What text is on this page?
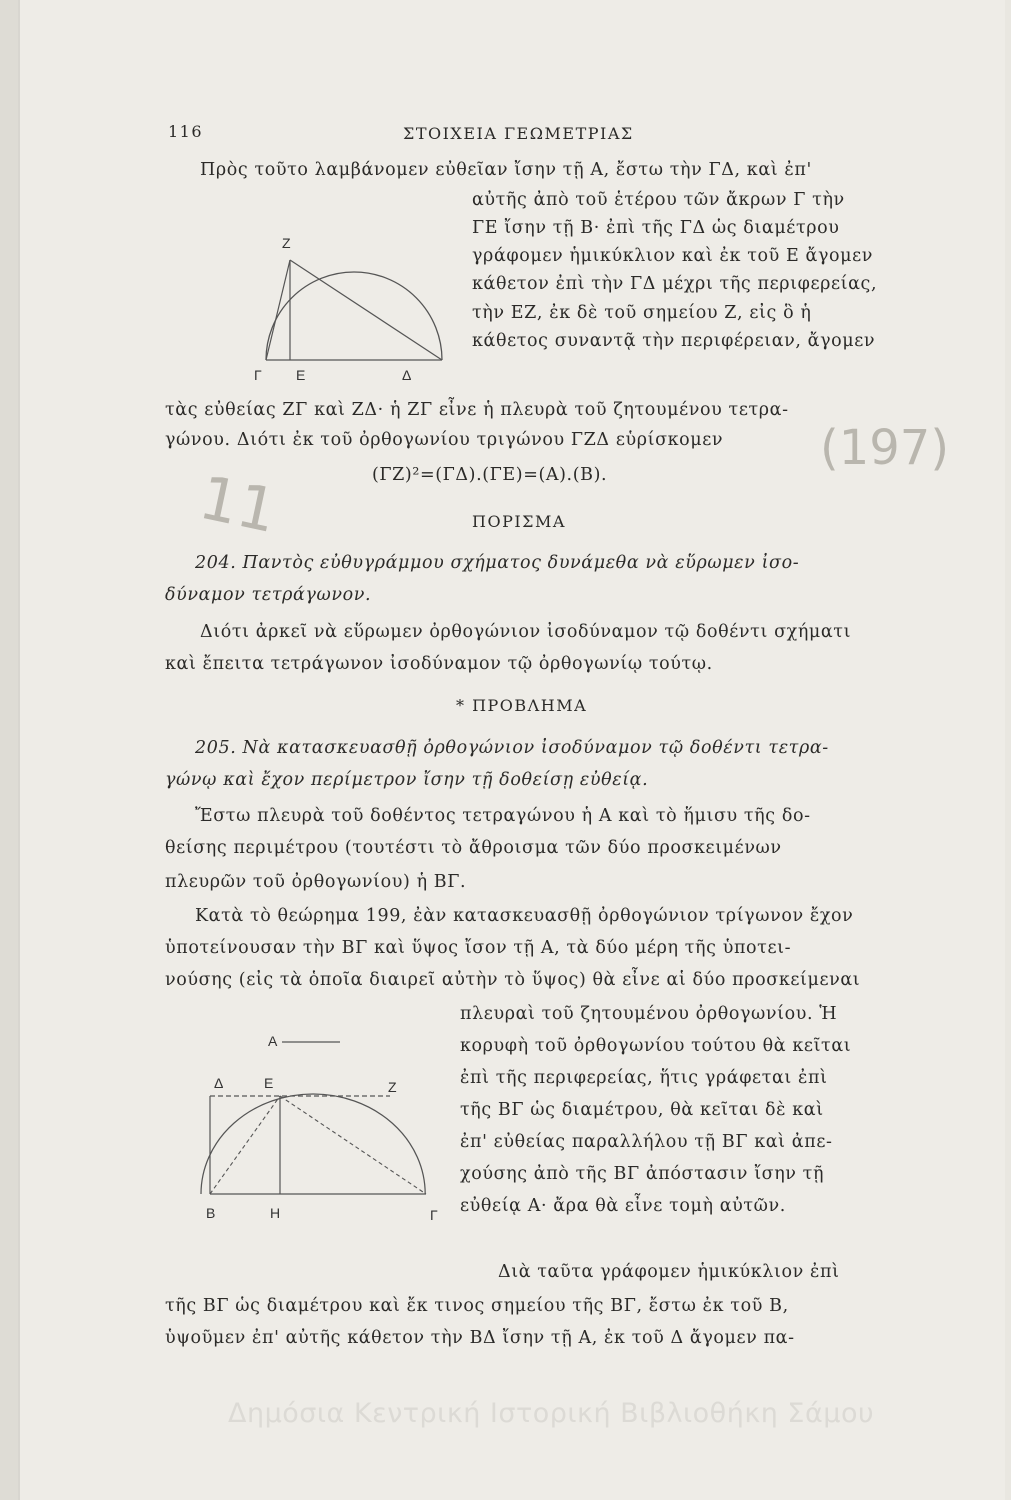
116	ΣΤΟΙΧΕΙΑ ΓΕΩΜΕΤΡΙΑΣ
Z
Γ Ε	Δ
Πρὸς τοῦτο λαμβάνομεν εὐθεῖαν ἴσην τῇ Α, ἔστω τὴν ΓΔ, καὶ ἐπ'
αὐτῆς ἀπὸ τοῦ ἑτέρου τῶν ἄκρων Γ τὴν
ΓΕ ἴσην τῇ Β· ἐπὶ τῆς ΓΔ ὡς διαμέτρου
γράφομεν ἡμικύκλιον καὶ ἐκ τοῦ Ε ἄγομεν
κάθετον ἐπὶ τὴν ΓΔ μέχρι τῆς περιφερείας,
τὴν ΕΖ, ἐκ δὲ τοῦ σημείου Ζ, εἰς ὃ ἡ
κάθετος συναντᾷ τὴν περιφέρειαν, ἄγομεν
τὰς εὐθείας ΖΓ καὶ ΖΔ· ἡ ΖΓ εἶνε ἡ πλευρὰ τοῦ ζητουμένου τετρα-
γώνου. Διότι ἐκ τοῦ ὀρθογωνίου τριγώνου ΓΖΔ εὑρίσκομεν
(ΓΖ)²=(ΓΔ).(ΓΕ)=(Α).(Β).
ΠΟΡΙΣΜΑ
204. Παντὸς εὐθυγράμμου σχήματος δυνάμεθα νὰ εὕρωμεν ἰσο-
δύναμον τετράγωνον.
Διότι ἀρκεῖ νὰ εὕρωμεν ὀρθογώνιον ἰσοδύναμον τῷ δοθέντι σχήματι
καὶ ἔπειτα τετράγωνον ἰσοδύναμον τῷ ὀρθογωνίῳ τούτῳ.
* ΠΡΟΒΛΗΜΑ
205. Νὰ κατασκευασθῇ ὀρθογώνιον ἰσοδύναμον τῷ δοθέντι τετρα-
γώνῳ καὶ ἔχον περίμετρον ἴσην τῇ δοθείσῃ εὐθείᾳ.
Ἔστω πλευρὰ τοῦ δοθέντος τετραγώνου ἡ Α καὶ τὸ ἥμισυ τῆς δο-
θείσης περιμέτρου (τουτέστι τὸ ἄθροισμα τῶν δύο προσκειμένων
πλευρῶν τοῦ ὀρθογωνίου) ἡ ΒΓ.
Κατὰ τὸ θεώρημα 199, ἐὰν κατασκευασθῇ ὀρθογώνιον τρίγωνον ἔχον
ὑποτείνουσαν τὴν ΒΓ καὶ ὕψος ἴσον τῇ Α, τὰ δύο μέρη τῆς ὑποτει-
νούσης (εἰς τὰ ὁποῖα διαιρεῖ αὐτὴν τὸ ὕψος) θὰ εἶνε αἱ δύο προσκείμεναι
πλευραὶ τοῦ ζητουμένου ὀρθογωνίου. Ἡ
κορυφὴ τοῦ ὀρθογωνίου τούτου θὰ κεῖται
ἐπὶ τῆς περιφερείας, ἥτις γράφεται ἐπὶ
τῆς ΒΓ ὡς διαμέτρου, θὰ κεῖται δὲ καὶ
ἐπ' εὐθείας παραλλήλου τῇ ΒΓ καὶ ἀπε-
χούσης ἀπὸ τῆς ΒΓ ἀπόστασιν ἴσην τῇ
εὐθείᾳ Α· ἄρα θὰ εἶνε τομὴ αὐτῶν.
Διὰ ταῦτα γράφομεν ἡμικύκλιον ἐπὶ
τῆς ΒΓ ὡς διαμέτρου καὶ ἔκ τινος σημείου τῆς ΒΓ, ἔστω ἐκ τοῦ Β,
ὑψοῦμεν ἐπ' αὐτῆς κάθετον τὴν ΒΔ ἴσην τῇ Α, ἐκ τοῦ Δ ἄγομεν πα-
Α
Δ	Ε	Ζ
Β	Η	Γ
(197)
11
Δημόσια Κεντρική Ιστορική Βιβλιοθήκη Σάμου
